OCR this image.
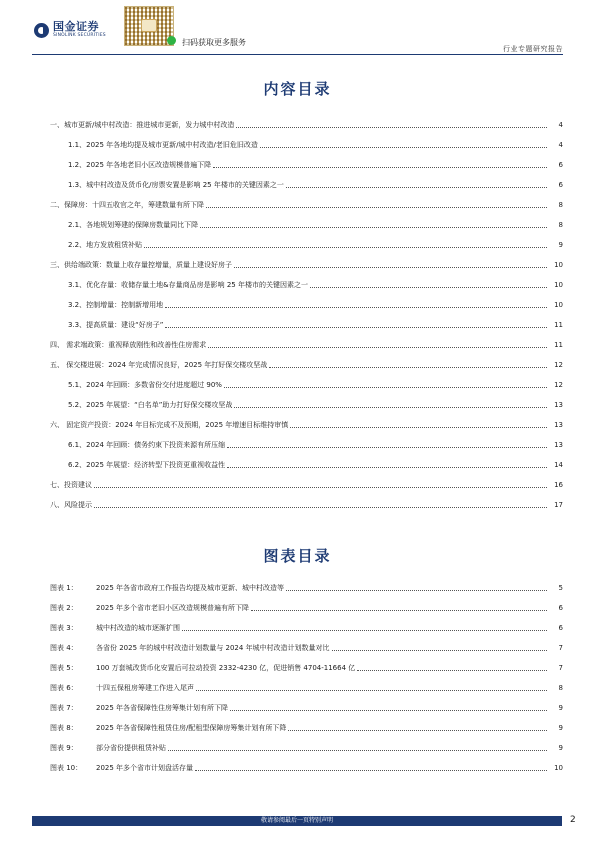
国金证券
SINOLINK SECURITIES
扫码获取更多服务
行业专题研究报告
内容目录
一、城市更新/城中村改造：推进城市更新，发力城中村改造	4
1.1、2025 年各地均提及城市更新/城中村改造/老旧危旧改造	4
1.2、2025 年各地老旧小区改造规模普遍下降	6
1.3、城中村改造及货币化/房票安置是影响 25 年楼市的关键因素之一	6
二、保障房：十四五收官之年，筹建数量有所下降	8
2.1、各地规划筹建的保障房数量同比下降	8
2.2、地方发放租赁补贴	9
三、供给端政策：数量上收存量控增量，质量上建设好房子	10
3.1、优化存量：收储存量土地&存量商品房是影响 25 年楼市的关键因素之一	10
3.2、控制增量：控制新增用地	10
3.3、提高质量：建设“好房子”	11
四、 需求端政策：重视释放刚性和改善性住房需求	11
五、 保交楼进展：2024 年完成情况良好，2025 年打好保交楼攻坚战	12
5.1、2024 年回顾：多数省份交付进度超过 90%	12
5.2、2025 年展望：“白名单”助力打好保交楼攻坚战	13
六、 固定资产投资：2024 年目标完成不及预期，2025 年增速目标维持审慎	13
6.1、2024 年回顾：债务约束下投资来源有所压缩	13
6.2、2025 年展望：经济转型下投资更重视收益性	14
七、投资建议	16
八、风险提示	17
图表目录
图表 1：	2025 年各省市政府工作报告均提及城市更新、城中村改造等	5
图表 2：	2025 年多个省市老旧小区改造规模普遍有所下降	6
图表 3：	城中村改造的城市逐渐扩围	6
图表 4：	各省份 2025 年的城中村改造计划数量与 2024 年城中村改造计划数量对比	7
图表 5：	100 万套城改货币化安置后可拉动投资 2332-4230 亿，促进销售 4704-11664 亿	7
图表 6：	十四五保租房筹建工作进入尾声	8
图表 7：	2025 年各省保障性住房筹集计划有所下降	9
图表 8：	2025 年各省保障性租赁住房/配租型保障房筹集计划有所下降	9
图表 9：	部分省份提供租赁补贴	9
图表 10：	2025 年多个省市计划盘活存量	10
敬请参阅最后一页特别声明	2
